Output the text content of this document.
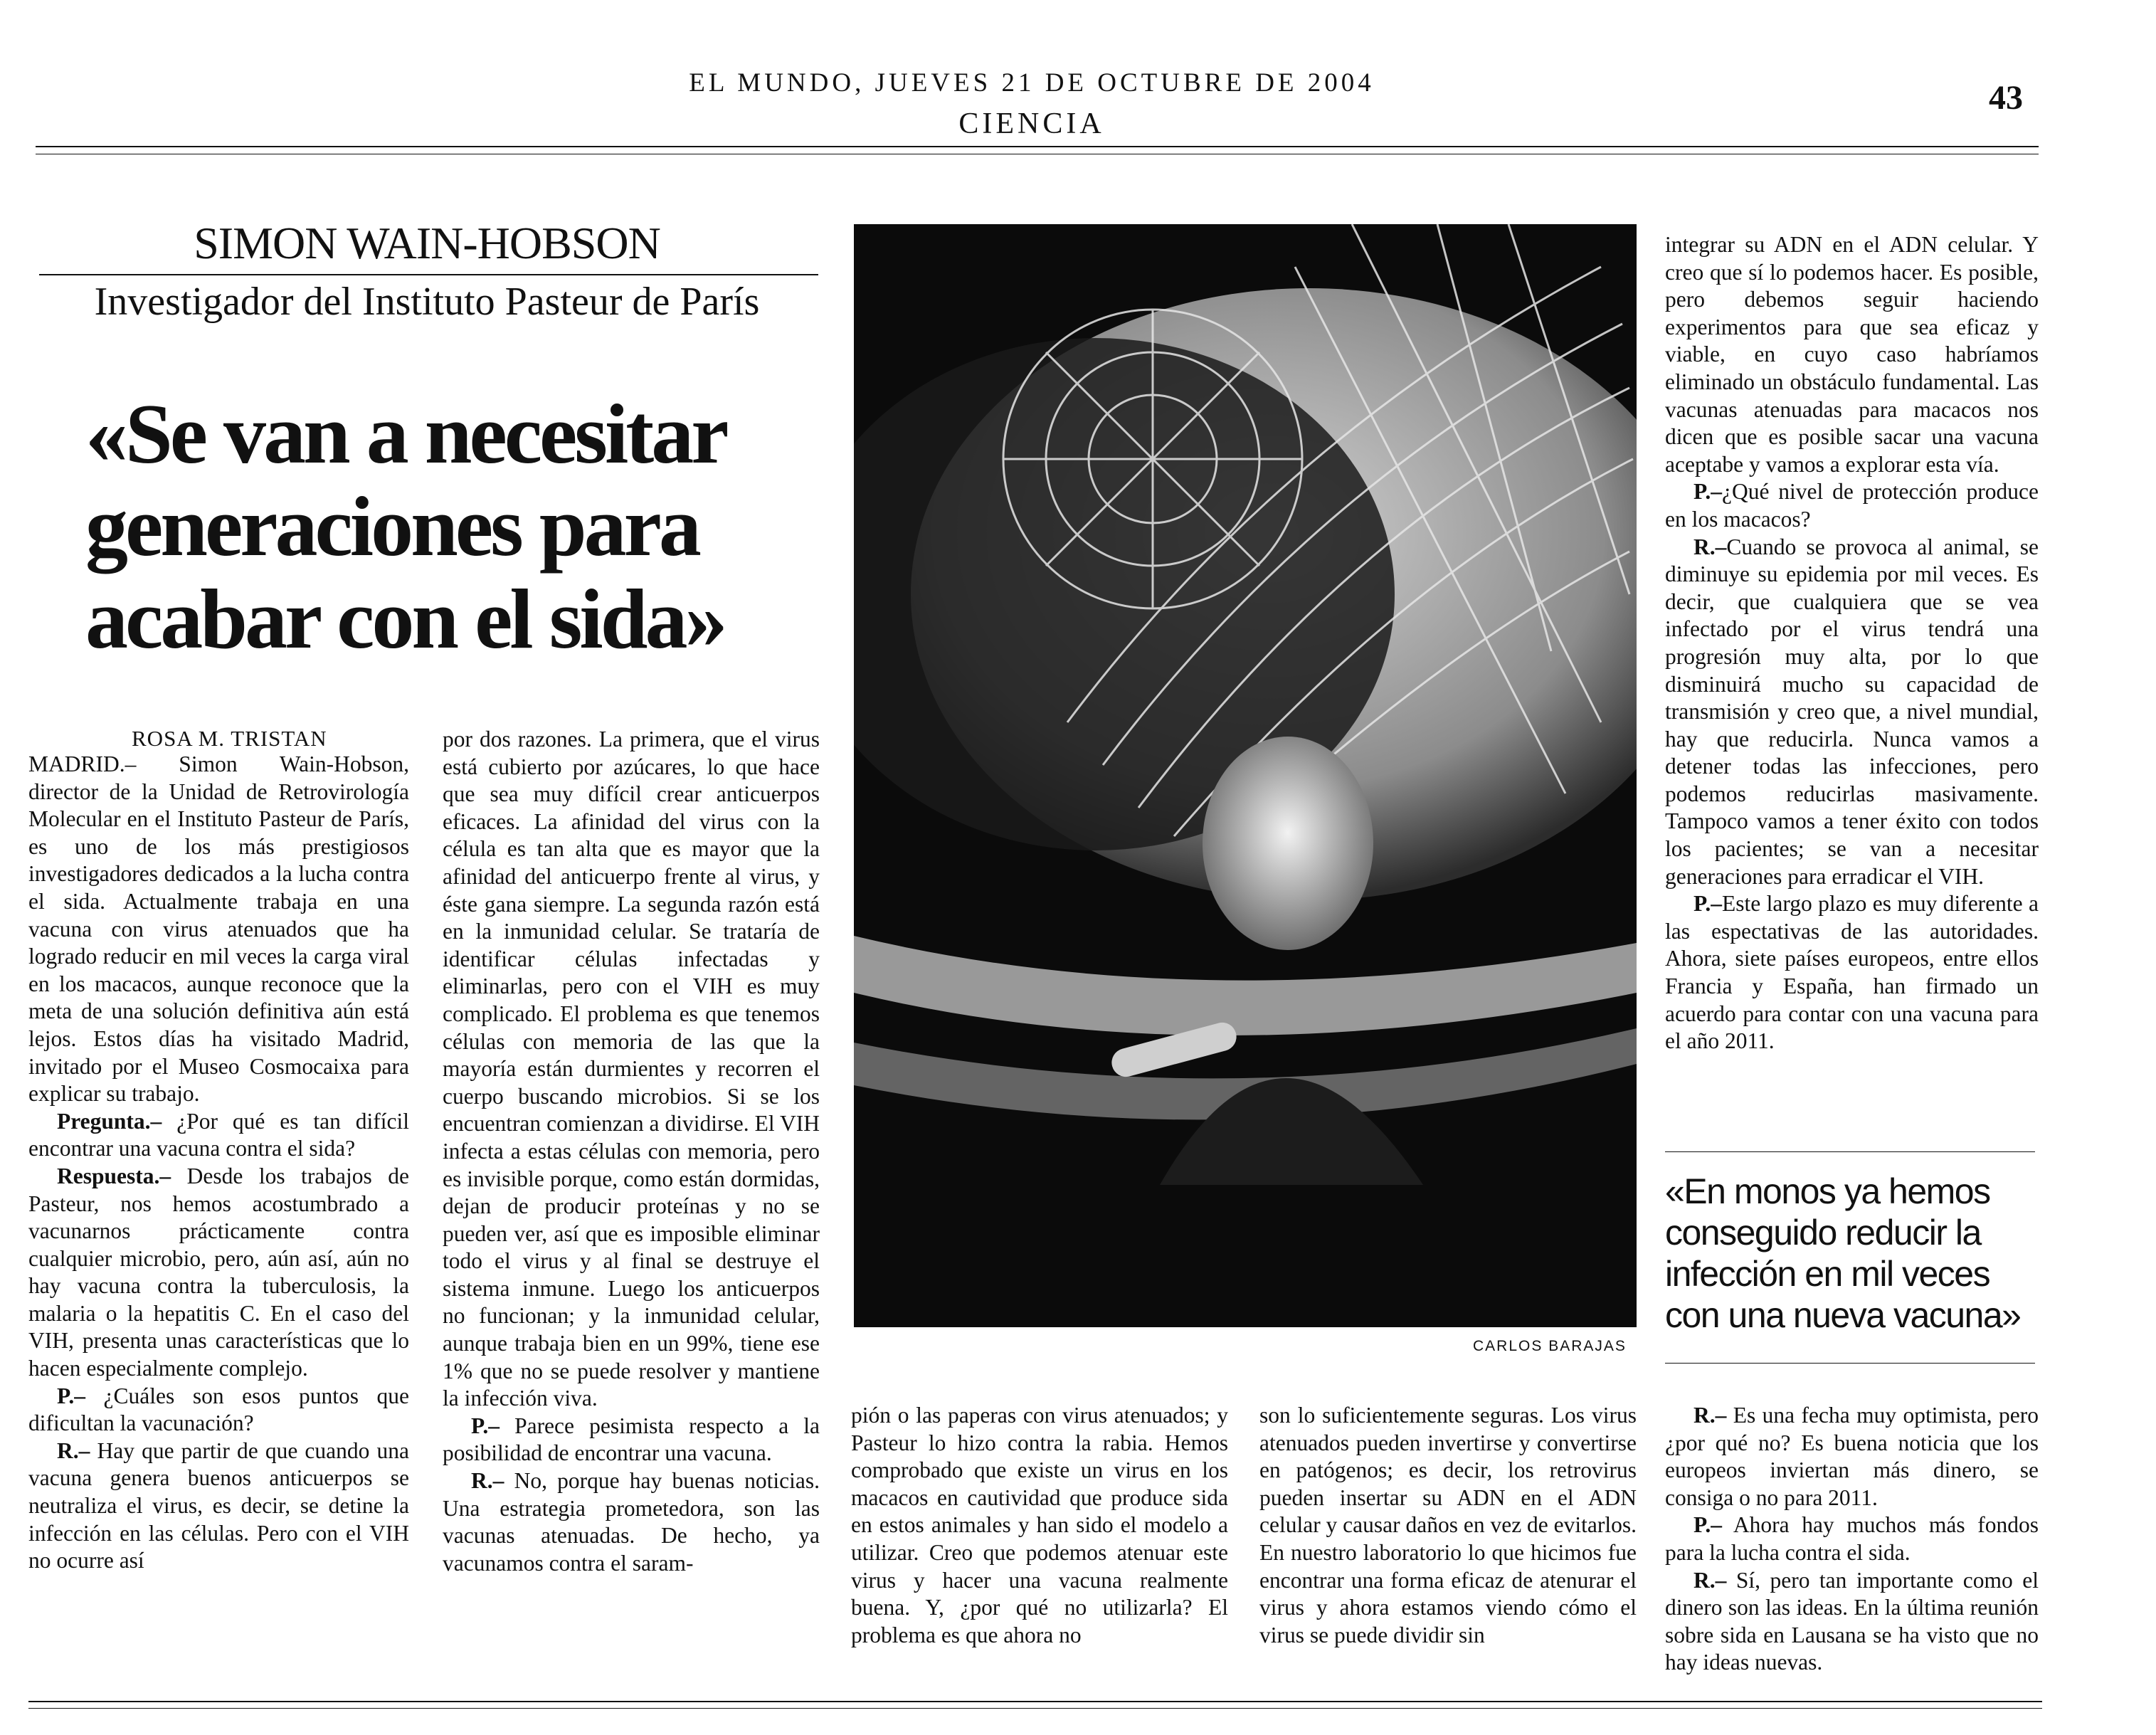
EL MUNDO, JUEVES 21 DE OCTUBRE DE 2004
CIENCIA
43
SIMON WAIN-HOBSON
Investigador del Instituto Pasteur de París
«Se van a necesitar generaciones para acabar con el sida»
ROSA M. TRISTAN

MADRID.– Simon Wain-Hobson, director de la Unidad de Retrovirología Molecular en el Instituto Pasteur de París, es uno de los más prestigiosos investigadores dedicados a la lucha contra el sida. Actualmente trabaja en una vacuna con virus atenuados que ha logrado reducir en mil veces la carga viral en los macacos, aunque reconoce que la meta de una solución definitiva aún está lejos. Estos días ha visitado Madrid, invitado por el Museo Cosmocaixa para explicar su trabajo.

Pregunta.– ¿Por qué es tan difícil encontrar una vacuna contra el sida?

Respuesta.– Desde los trabajos de Pasteur, nos hemos acostumbrado a vacunarnos prácticamente contra cualquier microbio, pero, aún así, aún no hay vacuna contra la tuberculosis, la malaria o la hepatitis C. En el caso del VIH, presenta unas características que lo hacen especialmente complejo.

P.– ¿Cuáles son esos puntos que dificultan la vacunación?

R.– Hay que partir de que cuando una vacuna genera buenos anticuerpos se neutraliza el virus, es decir, se detine la infección en las células. Pero con el VIH no ocurre así

por dos razones. La primera, que el virus está cubierto por azúcares, lo que hace que sea muy difícil crear anticuerpos eficaces. La afinidad del virus con la célula es tan alta que es mayor que la afinidad del anticuerpo frente al virus, y éste gana siempre. La segunda razón está en la inmunidad celular. Se trataría de identificar células infectadas y eliminarlas, pero con el VIH es muy complicado. El problema es que tenemos células con memoria de las que la mayoría están durmientes y recorren el cuerpo buscando microbios. Si se los encuentran comienzan a dividirse. El VIH infecta a estas células con memoria, pero es invisible porque, como están dormidas, dejan de producir proteínas y no se pueden ver, así que es imposible eliminar todo el virus y al final se destruye el sistema inmune. Luego los anticuerpos no funcionan; y la inmunidad celular, aunque trabaja bien en un 99%, tiene ese 1% que no se puede resolver y mantiene la infección viva.

P.– Parece pesimista respecto a la posibilidad de encontrar una vacuna.

R.– No, porque hay buenas noticias. Una estrategia prometedora, son las vacunas atenuadas. De hecho, ya vacunamos contra el saram-

CARLOS BARAJAS

pión o las paperas con virus atenuados; y Pasteur lo hizo contra la rabia. Hemos comprobado que existe un virus en los macacos en cautividad que produce sida en estos animales y han sido el modelo a utilizar. Creo que podemos atenuar este virus y hacer una vacuna realmente buena. Y, ¿por qué no utilizarla? El problema es que ahora no

son lo suficientemente seguras. Los virus atenuados pueden invertirse y convertirse en patógenos; es decir, los retrovirus pueden insertar su ADN en el ADN celular y causar daños en vez de evitarlos. En nuestro laboratorio lo que hicimos fue encontrar una forma eficaz de atenurar el virus y ahora estamos viendo cómo el virus se puede dividir sin

integrar su ADN en el ADN celular. Y creo que sí lo podemos hacer. Es posible, pero debemos seguir haciendo experimentos para que sea eficaz y viable, en cuyo caso habríamos eliminado un obstáculo fundamental. Las vacunas atenuadas para macacos nos dicen que es posible sacar una vacuna aceptabe y vamos a explorar esta vía.

P.–¿Qué nivel de protección produce en los macacos?

R.–Cuando se provoca al animal, se diminuye su epidemia por mil veces. Es decir, que cualquiera que se vea infectado por el virus tendrá una progresión muy alta, por lo que disminuirá mucho su capacidad de transmisión y creo que, a nivel mundial, hay que reducirla. Nunca vamos a detener todas las infecciones, pero podemos reducirlas masivamente. Tampoco vamos a tener éxito con todos los pacientes; se van a necesitar generaciones para erradicar el VIH.

P.–Este largo plazo es muy diferente a las espectativas de las autoridades. Ahora, siete países europeos, entre ellos Francia y España, han firmado un acuerdo para contar con una vacuna para el año 2011.

«En monos ya hemos conseguido reducir la infección en mil veces con una nueva vacuna»

R.– Es una fecha muy optimista, pero ¿por qué no? Es buena noticia que los europeos inviertan más dinero, se consiga o no para 2011.

P.– Ahora hay muchos más fondos para la lucha contra el sida.

R.– Sí, pero tan importante como el dinero son las ideas. En la última reunión sobre sida en Lausana se ha visto que no hay ideas nuevas.
